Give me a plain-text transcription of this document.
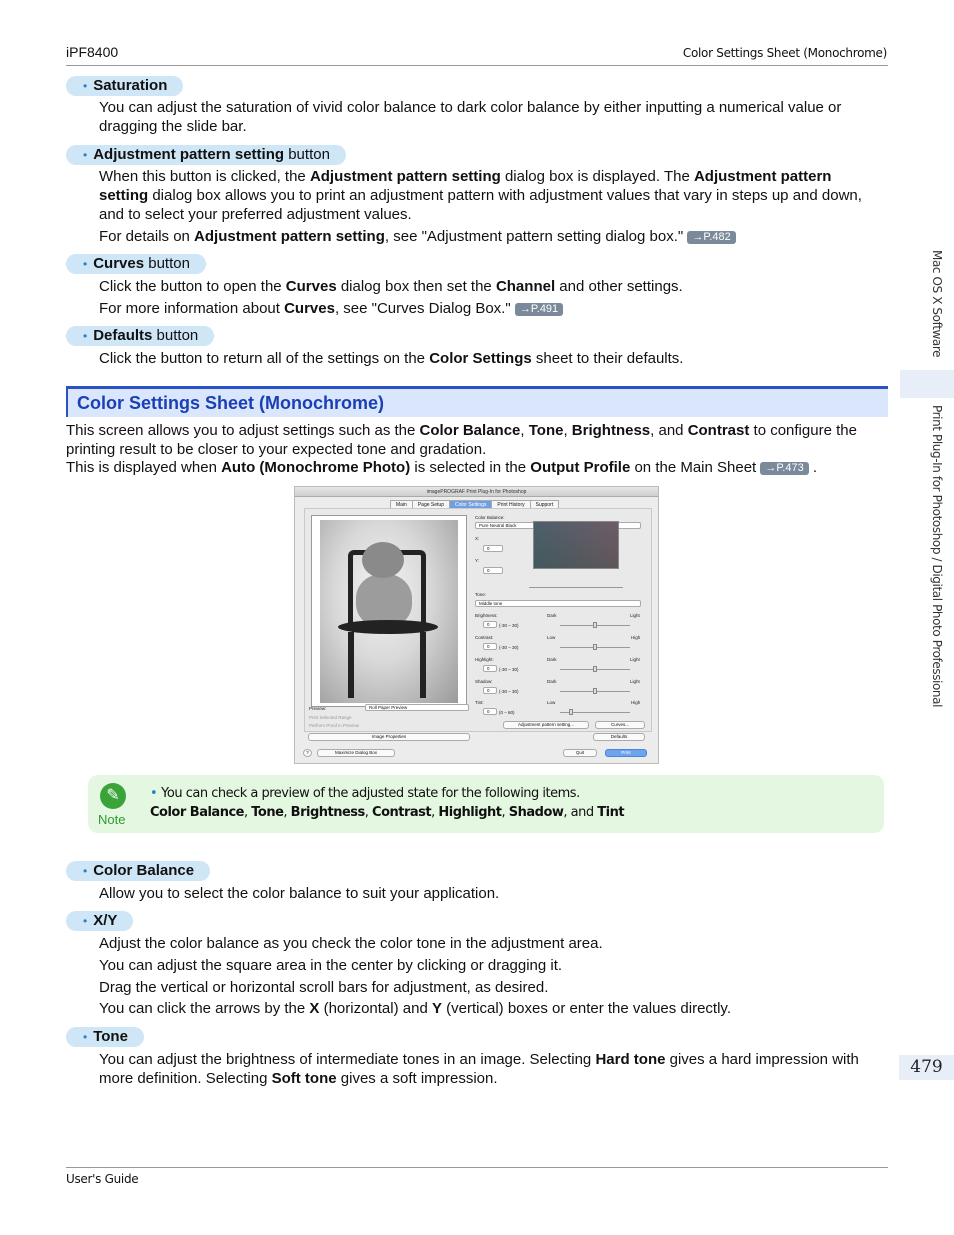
iPF8400	Color Settings Sheet (Monochrome)
Mac OS X Software
Print Plug-In for Photoshop / Digital Photo Professional
479
• Saturation
You can adjust the saturation of vivid color balance to dark color balance by either inputting a numerical value or dragging the slide bar.
• Adjustment pattern setting button
When this button is clicked, the Adjustment pattern setting dialog box is displayed. The Adjustment pattern setting dialog box allows you to print an adjustment pattern with adjustment values that vary in steps up and down, and to select your preferred adjustment values.
For details on Adjustment pattern setting, see "Adjustment pattern setting dialog box." →P.482
• Curves button
Click the button to open the Curves dialog box then set the Channel and other settings.
For more information about Curves, see "Curves Dialog Box." →P.491
• Defaults button
Click the button to return all of the settings on the Color Settings sheet to their defaults.
Color Settings Sheet (Monochrome)
This screen allows you to adjust settings such as the Color Balance, Tone, Brightness, and Contrast to configure the printing result to be closer to your expected tone and gradation.
This is displayed when Auto (Monochrome Photo) is selected in the Output Profile on the Main Sheet →P.473 .
imagePROGRAF Print Plug-In for Photoshop
Main	Page Setup	Color Settings	Print History	Support
Color Balance:
Pure Neutral Black
X:
0
Y:
0
Tone:
Middle tone
Brightness:
0	(-30 – 30)
Dark	Light
Contrast:
0	(-30 – 30)
Low	High
Highlight:
0	(-30 – 30)
Dark	Light
Shadow:
0	(-30 – 30)
Dark	Light
Tint:
0	(0 – 60)
Low	High
Adjustment pattern setting...	Curves...
Preview:	Roll Paper Preview
Print Selected Range
Perform Proof in Preview
Image Properties	Defaults
?	Maximize Dialog Box	Quit	Print
✎
Note
• You can check a preview of the adjusted state for the following items.
Color Balance, Tone, Brightness, Contrast, Highlight, Shadow, and Tint
• Color Balance
Allow you to select the color balance to suit your application.
• X/Y
Adjust the color balance as you check the color tone in the adjustment area.
You can adjust the square area in the center by clicking or dragging it.
Drag the vertical or horizontal scroll bars for adjustment, as desired.
You can click the arrows by the X (horizontal) and Y (vertical) boxes or enter the values directly.
• Tone
You can adjust the brightness of intermediate tones in an image. Selecting Hard tone gives a hard impression with more definition. Selecting Soft tone gives a soft impression.
User's Guide
